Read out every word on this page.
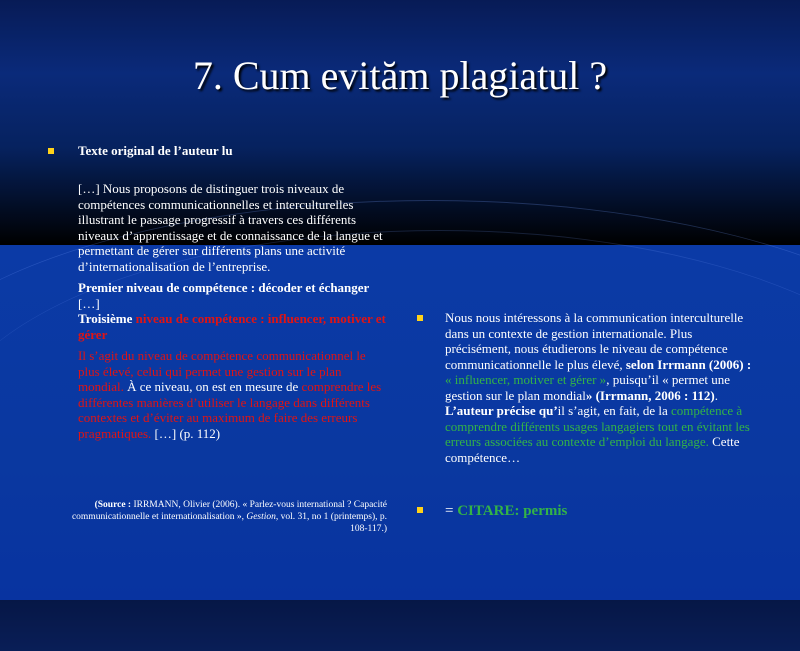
7. Cum evităm plagiatul ?
Texte original de l’auteur lu

[…] Nous proposons de distinguer trois niveaux de compétences communicationnelles et interculturelles illustrant le passage progressif à travers ces différents niveaux d’apprentissage et de connaissance de la langue et permettant de gérer sur différents plans une activité d’internationalisation de l’entreprise.

Premier niveau de compétence : décoder et échanger

[…]

Troisième niveau de compétence : influencer, motiver et gérer

Il s’agit du niveau de compétence communicationnel le plus élevé, celui qui permet une gestion sur le plan mondial. À ce niveau, on est en mesure de comprendre les différentes manières d’utiliser le langage dans différents contextes et d’éviter au maximum de faire des erreurs pragmatiques. […] (p. 112)

(Source : IRRMANN, Olivier (2006). « Parlez-vous international ? Capacité communicationnelle et internationalisation », Gestion, vol. 31, no 1 (printemps), p. 108-117.)
Nous nous intéressons à la communication interculturelle dans un contexte de gestion internationale. Plus précisément, nous étudierons le niveau de compétence communicationnelle le plus élevé, selon Irrmann (2006) : « influencer, motiver et gérer », puisqu’il « permet une gestion sur le plan mondial» (Irrmann, 2006 : 112). L’auteur précise qu’il s’agit, en fait, de la compétence à comprendre différents usages langagiers tout en évitant les erreurs associées au contexte d’emploi du langage. Cette compétence…
= CITARE: permis
